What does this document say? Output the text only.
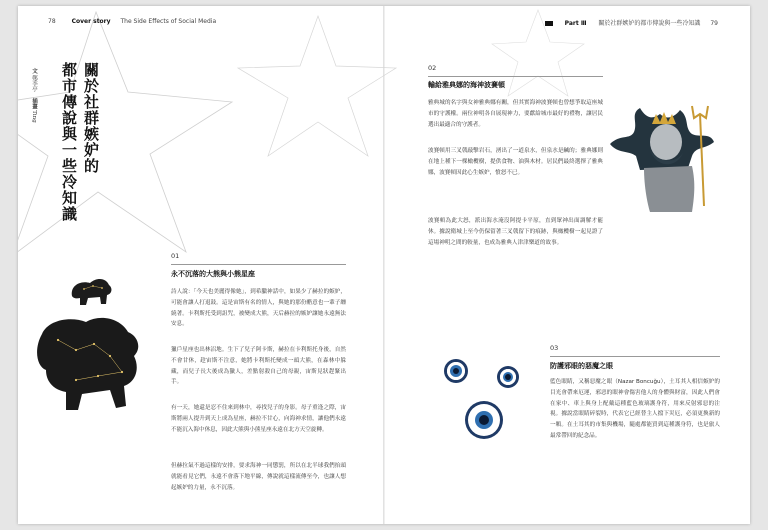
78	Cover story The Side Effects of Social Media	Part Ⅲ 關於社群嫉妒的都市傳說與一些冷知識 79
關於社群嫉妒的
都市傳說與一些冷知識
文 鄭季亭 插畫 Ting
01
永不沉落的大熊與小熊星座

詩人說：「今天也美麗得像她」，到希臘神話中，如果少了赫拉的嫉妒，可能會讓人打退鼓。這是宙斯有名的情人，與她的那份醋意也一輩子纏繞著。卡利斯托受到詛咒，被變成大熊，天后赫拉的嫉妒讓她永遠無法安息。

獵戶星座也出林沼地。生下了兒子阿卡斯，赫拉在卡利斯托身後，自然不會甘休，趁宙斯不注意，她將卡利斯托變成一頭大熊，在森林中躲藏，而兒子長大後成為獵人，差點射殺自己的母親，宙斯見狀趕緊出手。

有一天，她還是忍不住來到林中，尋找兒子的身影。母子重逢之際，宙斯將兩人提升到天上成為星座，赫拉不甘心，向海神求情，讓他們永遠不能沉入海中休息，因此大熊與小熊星座永遠在北方天空旋轉。

但赫拉氣不過這樣的安排，要求海神一同懲罰，所以在北半球我們抬頭就能看見它們，永遠不會落下地平線，傳說就這樣流傳至今，也讓人想起嫉妒的力量，永不沉落。

02
輸給雅典娜的海神波賽頓

雅典城的名字與女神雅典娜有關，但其實海神波賽頓也曾想爭取這座城市的守護權。兩位神明各自展現神力，要獻給城市最好的禮物，讓居民選出最適合的守護者。

波賽頓用三叉戟敲擊岩石，湧出了一道泉水，但泉水是鹹的；雅典娜則在地上種下一棵橄欖樹，提供食物、油與木材。居民們最終選擇了雅典娜，波賽頓因此心生嫉妒，憤怒不已。

波賽頓為此大怒，派出海水淹沒阿提卡平原，直到眾神出面調解才罷休。據說衛城上至今仍保留著三叉戟留下的痕跡，與橄欖樹一起見證了這場神明之間的較量，也成為雅典人津津樂道的故事。

03
防護邪眼的惡魔之眼

藍色眼睛，又稱惡魔之眼（Nazar Boncuğu），土耳其人相信嫉妒的目光會帶來厄運，邪惡的眼神會傷害他人的身體與財富，因此人們會在家中、車上與身上配戴這種藍色玻璃護身符，用來反射邪惡的注視。據說當眼睛碎裂時，代表它已經替主人擋下災厄，必須更換新的一顆。在土耳其的市集與機場，隨處都能買到這種護身符，也是旅人最常帶回的紀念品。
